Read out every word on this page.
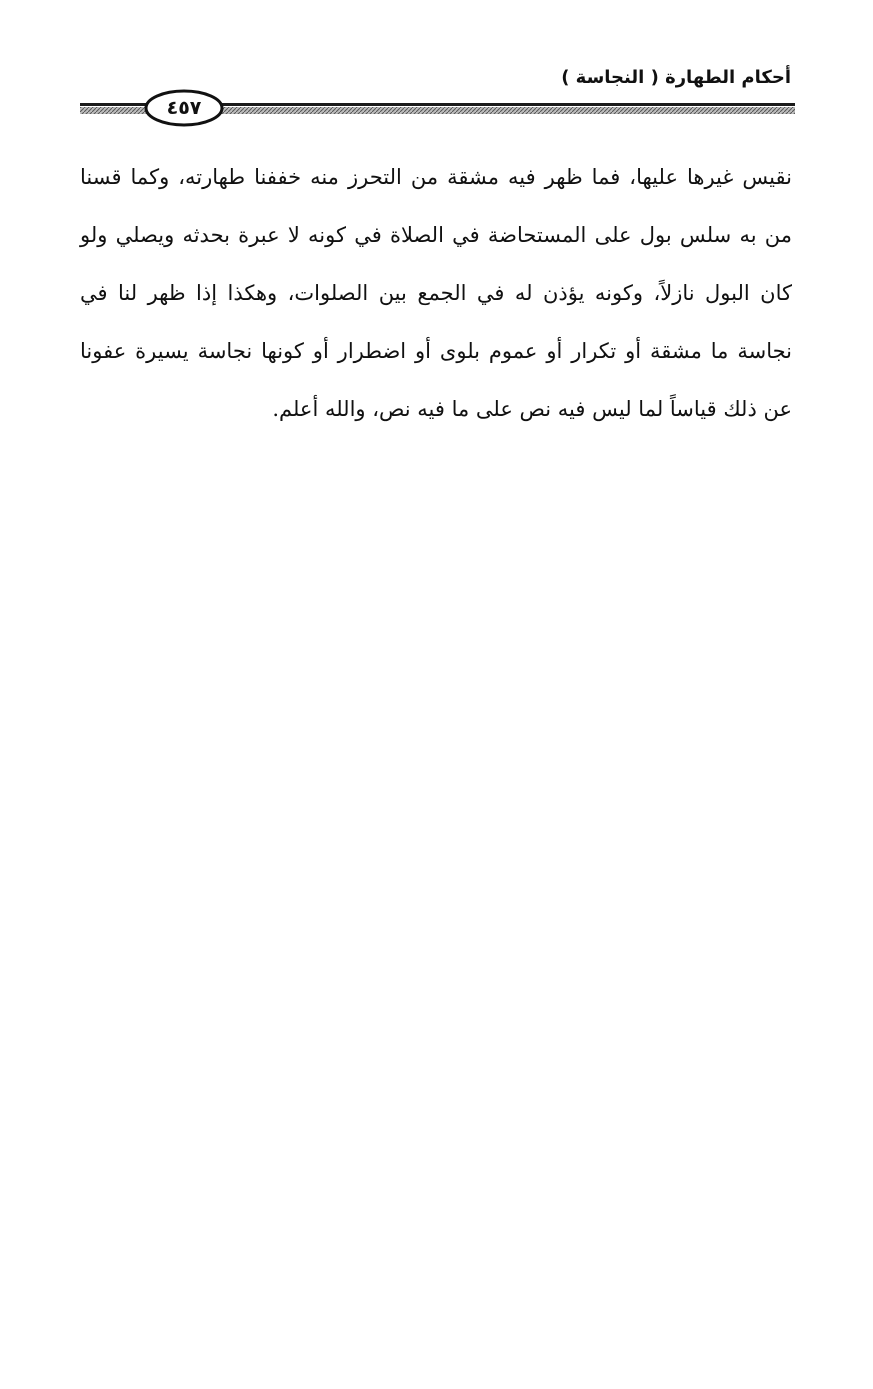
أحكام الطهارة ( النجاسة )
٤٥٧

نقيس غيرها عليها، فما ظهر فيه مشقة من التحرز منه خففنا طهارته، وكما قسنا من به سلس بول على المستحاضة في الصلاة في كونه لا عبرة بحدثه ويصلي ولو كان البول نازلاً، وكونه يؤذن له في الجمع بين الصلوات، وهكذا إذا ظهر لنا في نجاسة ما مشقة أو تكرار أو عموم بلوى أو اضطرار أو كونها نجاسة يسيرة عفونا عن ذلك قياساً لما ليس فيه نص على ما فيه نص، والله أعلم.
